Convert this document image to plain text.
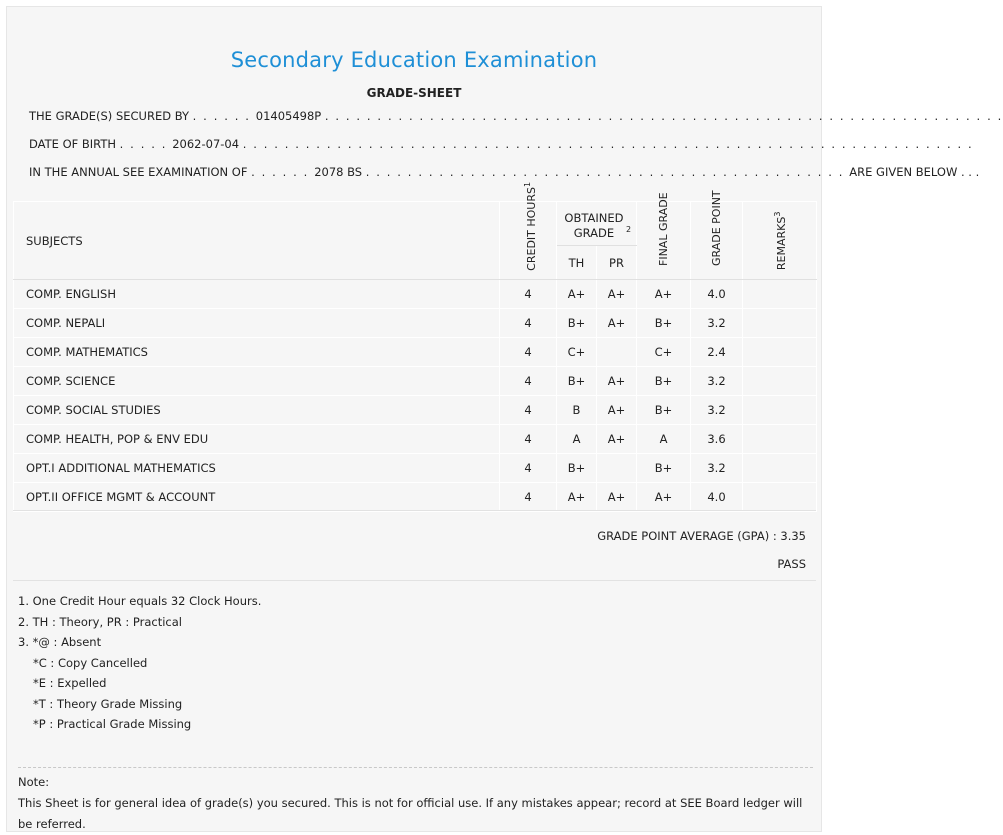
Secondary Education Examination
GRADE-SHEET
THE GRADE(S) SECURED BY . . . . . . 01405498P . . . . . . . . . . . . . . . . . . . . . . . . . . . . . . . . . . . . . . . . . . . . . . . . . . . . . . . . . . . . . . . . .
DATE OF BIRTH . . . . . 2062-07-04 . . . . . . . . . . . . . . . . . . . . . . . . . . . . . . . . . . . . . . . . . . . . . . . . . . . . . . . . . . . . . . . . . . . . . .
IN THE ANNUAL SEE EXAMINATION OF . . . . . . 2078 BS . . . . . . . . . . . . . . . . . . . . . . . . . . . . . . . . . . . . . . . . . . . . . . ARE GIVEN BELOW . . .
SUBJECTS	CREDIT HOURS$^1$	OBTAINED GRADE $^2$		FINAL GRADE	GRADE POINT	REMARKS$^3$
		TH	PR			
COMP. ENGLISH	4	A+	A+	A+	4.0	
COMP. NEPALI	4	B+	A+	B+	3.2	
COMP. MATHEMATICS	4	C+		C+	2.4	
COMP. SCIENCE	4	B+	A+	B+	3.2	
COMP. SOCIAL STUDIES	4	B	A+	B+	3.2	
COMP. HEALTH, POP & ENV EDU	4	A	A+	A	3.6	
OPT.I ADDITIONAL MATHEMATICS	4	B+		B+	3.2	
OPT.II OFFICE MGMT & ACCOUNT	4	A+	A+	A+	4.0	
GRADE POINT AVERAGE (GPA) : 3.35
PASS
1. One Credit Hour equals 32 Clock Hours.
2. TH : Theory, PR : Practical
3. *@ : Absent
*C : Copy Cancelled
*E : Expelled
*T : Theory Grade Missing
*P : Practical Grade Missing
Note:
This Sheet is for general idea of grade(s) you secured. This is not for official use. If any mistakes appear; record at SEE Board ledger will be referred.
